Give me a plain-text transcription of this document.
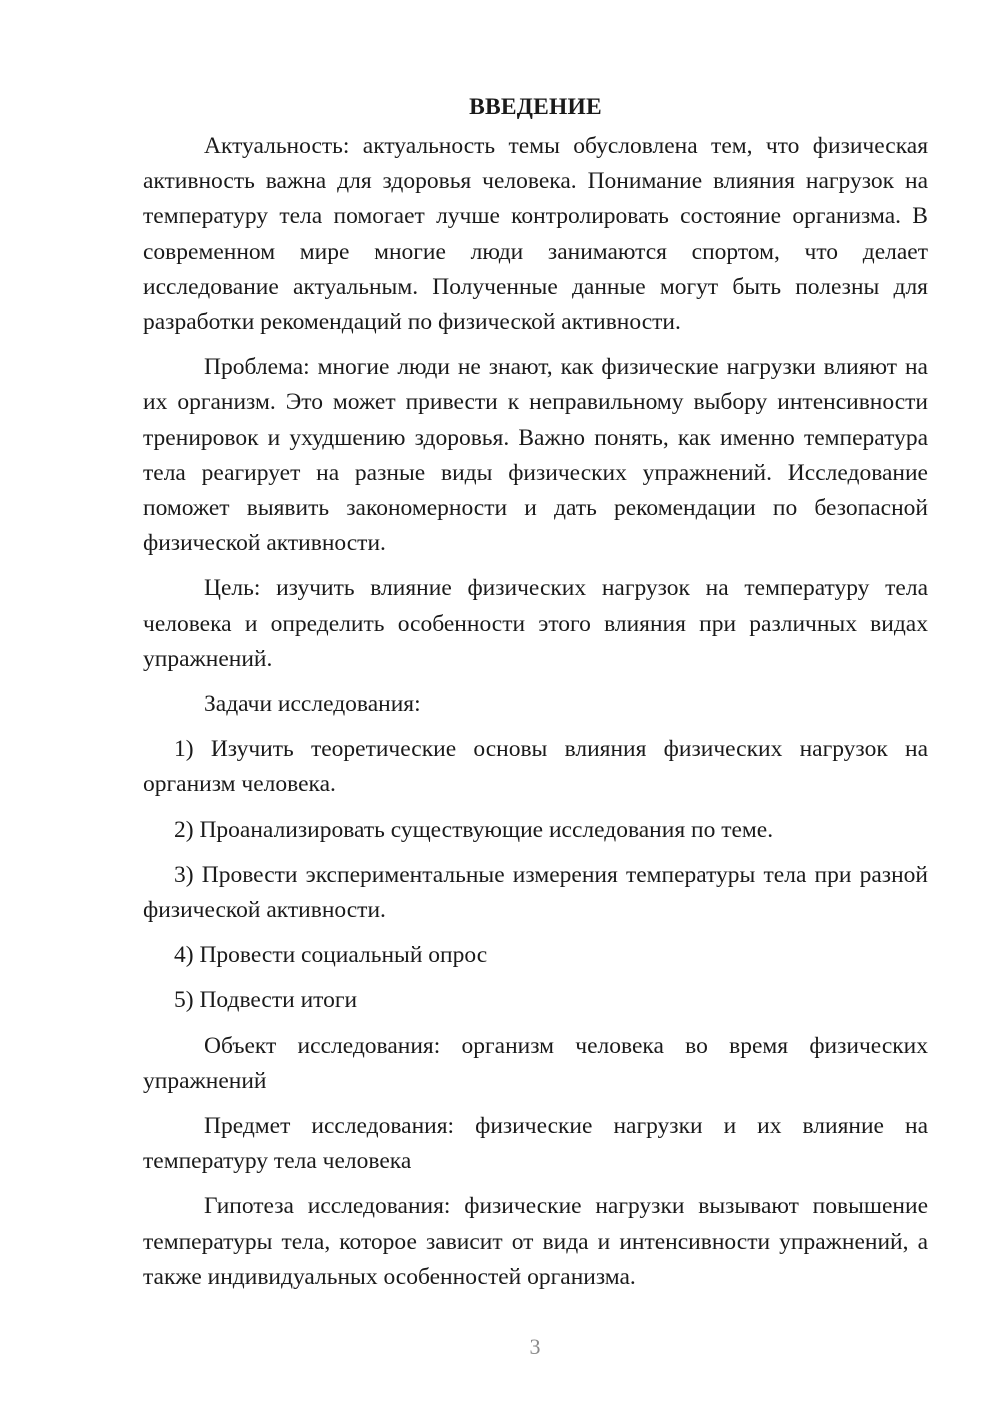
ВВЕДЕНИЕ

Актуальность: актуальность темы обусловлена тем, что физическая активность важна для здоровья человека. Понимание влияния нагрузок на температуру тела помогает лучше контролировать состояние организма. В современном мире многие люди занимаются спортом, что делает исследование актуальным. Полученные данные могут быть полезны для разработки рекомендаций по физической активности.

Проблема: многие люди не знают, как физические нагрузки влияют на их организм. Это может привести к неправильному выбору интенсивности тренировок и ухудшению здоровья. Важно понять, как именно температура тела реагирует на разные виды физических упражнений. Исследование поможет выявить закономерности и дать рекомендации по безопасной физической активности.

Цель: изучить влияние физических нагрузок на температуру тела человека и определить особенности этого влияния при различных видах упражнений.

Задачи исследования:

1) Изучить теоретические основы влияния физических нагрузок на организм человека.

2) Проанализировать существующие исследования по теме.

3) Провести экспериментальные измерения температуры тела при разной физической активности.

4) Провести социальный опрос

5) Подвести итоги

Объект исследования: организм человека во время физических упражнений

Предмет исследования: физические нагрузки и их влияние на температуру тела человека

Гипотеза исследования: физические нагрузки вызывают повышение температуры тела, которое зависит от вида и интенсивности упражнений, а также индивидуальных особенностей организма.

3
